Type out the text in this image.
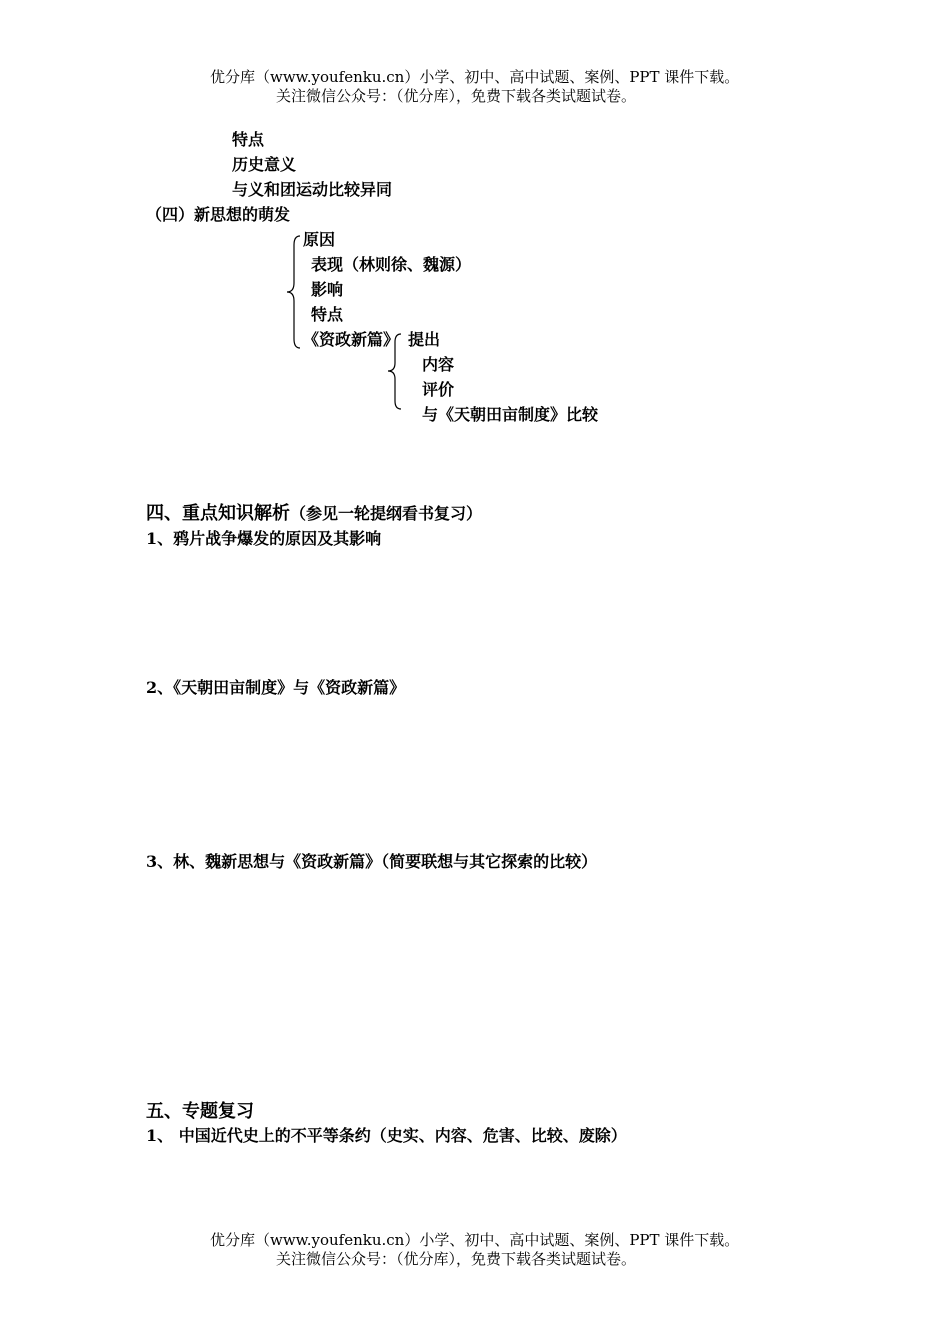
优分库（www.youfenku.cn）小学、初中、高中试题、案例、PPT 课件下载。
关注微信公众号：（优分库），免费下载各类试题试卷。
特点
历史意义
与义和团运动比较异同
（四）新思想的萌发
原因
表现（林则徐、魏源）
影响
特点
《资政新篇》 提出
内容
评价
与《天朝田亩制度》比较
四、重点知识解析（参见一轮提纲看书复习）
1、鸦片战争爆发的原因及其影响
2、《天朝田亩制度》与《资政新篇》
3、林、魏新思想与《资政新篇》（简要联想与其它探索的比较）
五、专题复习
1、 中国近代史上的不平等条约（史实、内容、危害、比较、废除）
优分库（www.youfenku.cn）小学、初中、高中试题、案例、PPT 课件下载。
关注微信公众号：（优分库），免费下载各类试题试卷。
